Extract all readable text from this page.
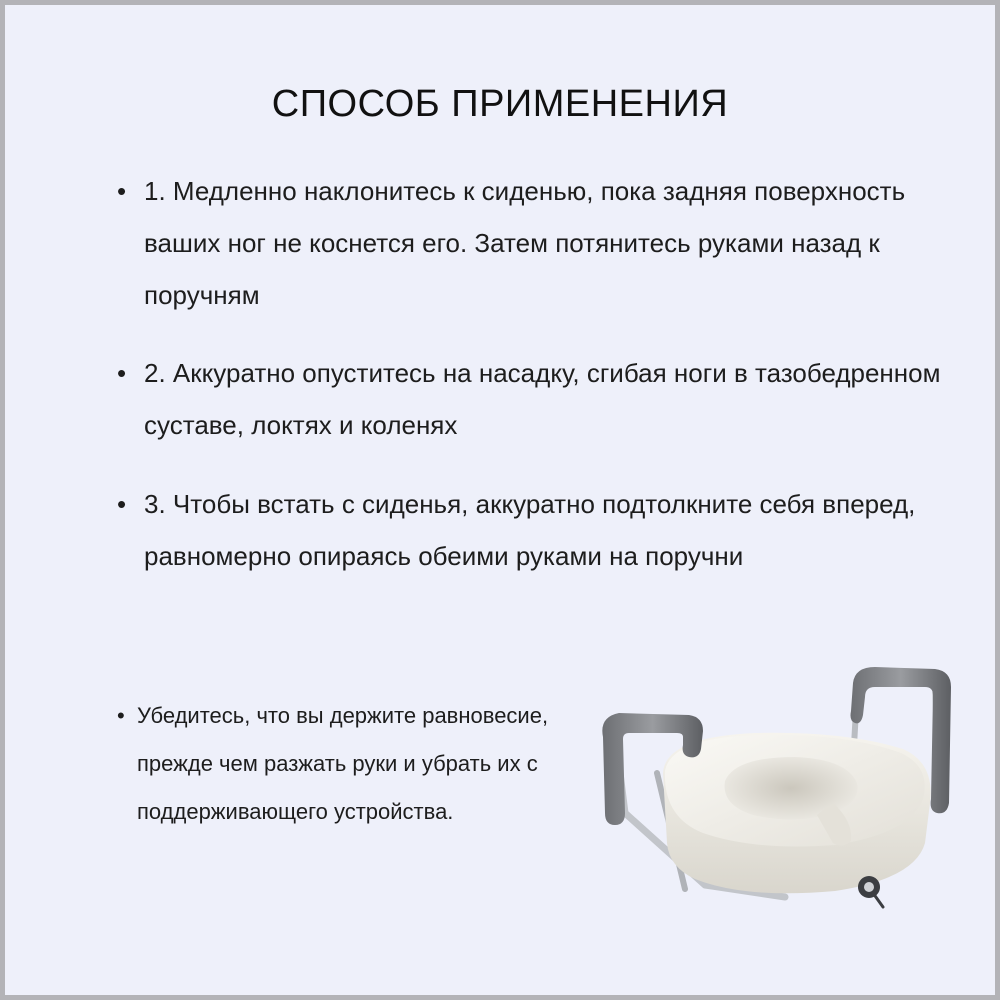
СПОСОБ ПРИМЕНЕНИЯ
• 1. Медленно наклонитесь к сиденью, пока задняя поверхность ваших ног не коснется его. Затем потянитесь руками назад к поручням
• 2. Аккуратно опуститесь на насадку, сгибая ноги в тазобедренном суставе, локтях и коленях
• 3. Чтобы встать с сиденья, аккуратно подтолкните себя вперед, равномерно опираясь обеими руками на поручни
• Убедитесь, что вы держите равновесие, прежде чем разжать руки и убрать их с поддерживающего устройства.
